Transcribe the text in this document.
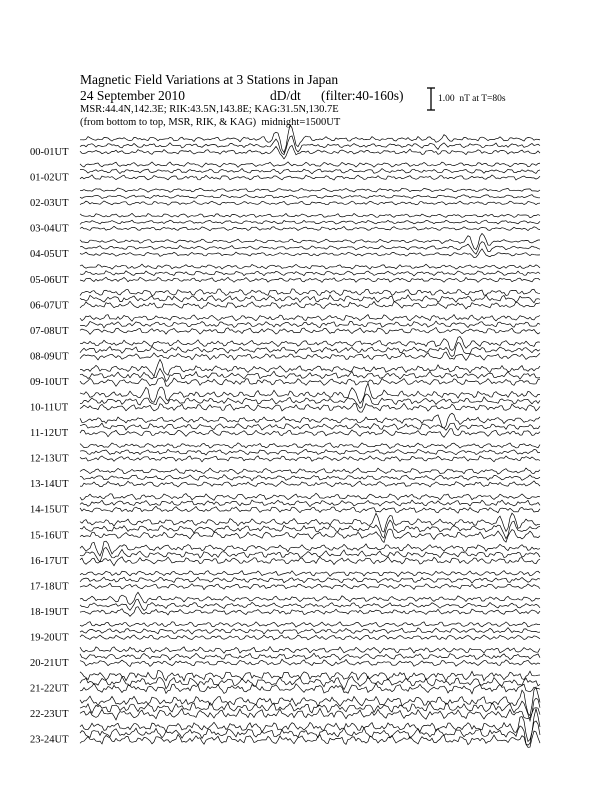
Magnetic Field Variations at 3 Stations in Japan
24 September 2010	dD/dt (filter:40-160s)
MSR:44.4N,142.3E; RIK:43.5N,143.8E; KAG:31.5N,130.7E
(from bottom to top, MSR, RIK, & KAG)  midnight=1500UT
1.00  nT at T=80s
00-01UT
01-02UT
02-03UT
03-04UT
04-05UT
05-06UT
06-07UT
07-08UT
08-09UT
09-10UT
10-11UT
11-12UT
12-13UT
13-14UT
14-15UT
15-16UT
16-17UT
17-18UT
18-19UT
19-20UT
20-21UT
21-22UT
22-23UT
23-24UT
